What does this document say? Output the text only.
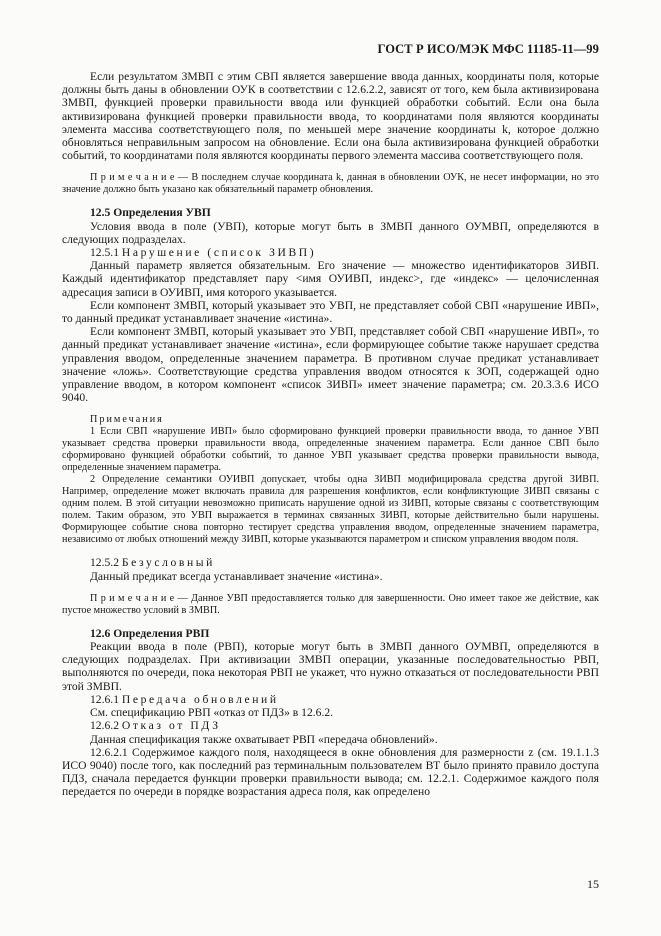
ГОСТ Р ИСО/МЭК МФС 11185-11—99

Если результатом ЗМВП с этим СВП является завершение ввода данных, координаты поля, которые должны быть даны в обновлении ОУК в соответствии с 12.6.2.2, зависят от того, кем была активизирована ЗМВП, функцией проверки правильности ввода или функцией обработки событий. Если она была активизирована функцией проверки правильности ввода, то координатами поля являются координаты элемента массива соответствующего поля, по меньшей мере значение координаты k, которое должно обновляться неправильным запросом на обновление. Если она была активизирована функцией обработки событий, то координатами поля являются координаты первого элемента массива соответствующего поля.

П р и м е ч а н и е — В последнем случае координата k, данная в обновлении ОУК, не несет информации, но это значение должно быть указано как обязательный параметр обновления.

12.5 Определения УВП

Условия ввода в поле (УВП), которые могут быть в ЗМВП данного ОУМВП, определяются в следующих подразделах.

12.5.1 Нарушение (список ЗИВП)

Данный параметр является обязательным. Его значение — множество идентификаторов ЗИВП. Каждый идентификатор представляет пару <имя ОУИВП, индекс>, где «индекс» — целочисленная адресация записи в ОУИВП, имя которого указывается.

Если компонент ЗМВП, который указывает это УВП, не представляет собой СВП «нарушение ИВП», то данный предикат устанавливает значение «истина».

Если компонент ЗМВП, который указывает это УВП, представляет собой СВП «нарушение ИВП», то данный предикат устанавливает значение «истина», если формирующее событие также нарушает средства управления вводом, определенные значением параметра. В противном случае предикат устанавливает значение «ложь». Соответствующие средства управления вводом относятся к ЗОП, содержащей одно управление вводом, в котором компонент «список ЗИВП» имеет значение параметра; см. 20.3.3.6 ИСО 9040.

Примечания

1 Если СВП «нарушение ИВП» было сформировано функцией проверки правильности ввода, то данное УВП указывает средства проверки правильности ввода, определенные значением параметра. Если данное СВП было сформировано функцией обработки событий, то данное УВП указывает средства проверки правильности вывода, определенные значением параметра.

2 Определение семантики ОУИВП допускает, чтобы одна ЗИВП модифицировала средства другой ЗИВП. Например, определение может включать правила для разрешения конфликтов, если конфликтующие ЗИВП связаны с одним полем. В этой ситуации невозможно приписать нарушение одной из ЗИВП, которые связаны с соответствующим полем. Таким образом, это УВП выражается в терминах связанных ЗИВП, которые действительно были нарушены. Формирующее событие снова повторно тестирует средства управления вводом, определенные значением параметра, независимо от любых отношений между ЗИВП, которые указываются параметром и списком управления вводом поля.

12.5.2 Безусловный

Данный предикат всегда устанавливает значение «истина».

П р и м е ч а н и е — Данное УВП предоставляется только для завершенности. Оно имеет такое же действие, как пустое множество условий в ЗМВП.

12.6 Определения РВП

Реакции ввода в поле (РВП), которые могут быть в ЗМВП данного ОУМВП, определяются в следующих подразделах. При активизации ЗМВП операции, указанные последовательностью РВП, выполняются по очереди, пока некоторая РВП не укажет, что нужно отказаться от последовательности РВП этой ЗМВП.

12.6.1 Передача обновлений

См. спецификацию РВП «отказ от ПДЗ» в 12.6.2.

12.6.2 Отказ от ПДЗ

Данная спецификация также охватывает РВП «передача обновлений».

12.6.2.1 Содержимое каждого поля, находящееся в окне обновления для размерности z (см. 19.1.1.3 ИСО 9040) после того, как последний раз терминальным пользователем ВТ было принято правило доступа ПДЗ, сначала передается функции проверки правильности вывода; см. 12.2.1. Содержимое каждого поля передается по очереди в порядке возрастания адреса поля, как определено

15
